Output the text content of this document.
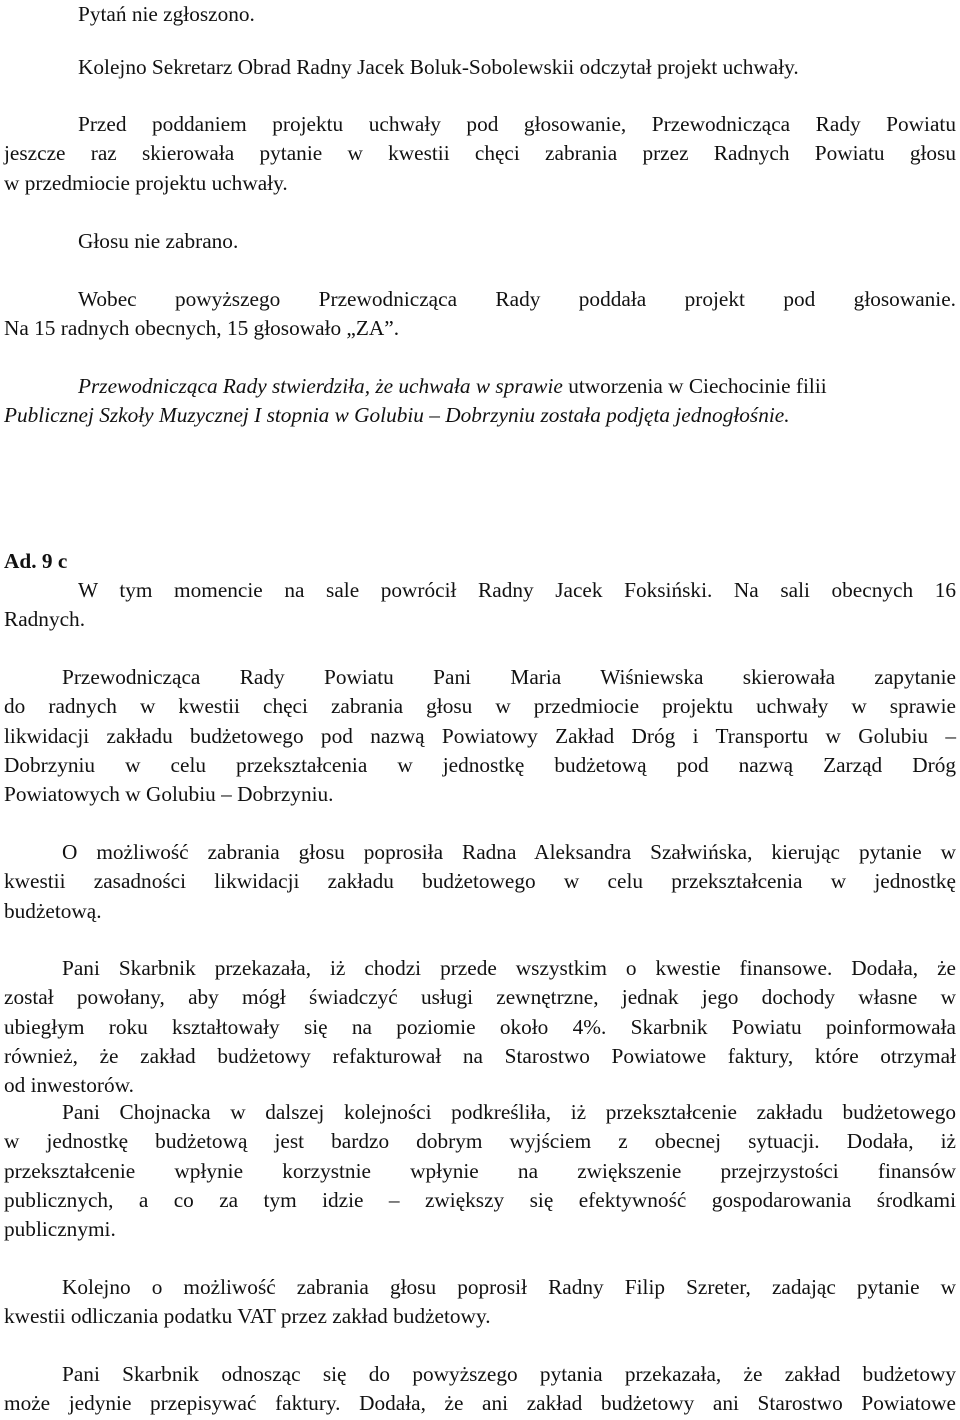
Pytań nie zgłoszono.

Kolejno Sekretarz Obrad Radny Jacek Boluk-Sobolewskii odczytał projekt uchwały.

Przed poddaniem projektu uchwały pod głosowanie, Przewodnicząca Rady Powiatu
jeszcze raz skierowała pytanie w kwestii chęci zabrania przez Radnych Powiatu głosu
w przedmiocie projektu uchwały.

Głosu nie zabrano.

Wobec powyższego Przewodnicząca Rady poddała projekt pod głosowanie.
Na 15 radnych obecnych, 15 głosowało „ZA”.

Przewodnicząca Rady stwierdziła, że uchwała w sprawie utworzenia w Ciechocinie filii
Publicznej Szkoły Muzycznej I stopnia w Golubiu – Dobrzyniu została podjęta jednogłośnie.

Ad. 9 c

W tym momencie na sale powrócił Radny Jacek Foksiński. Na sali obecnych 16
Radnych.

Przewodnicząca Rady Powiatu Pani Maria Wiśniewska skierowała zapytanie
do radnych w kwestii chęci zabrania głosu w przedmiocie projektu uchwały w sprawie
likwidacji zakładu budżetowego pod nazwą Powiatowy Zakład Dróg i Transportu w Golubiu –
Dobrzyniu w celu przekształcenia w jednostkę budżetową pod nazwą Zarząd Dróg
Powiatowych w Golubiu – Dobrzyniu.

O możliwość zabrania głosu poprosiła Radna Aleksandra Szałwińska, kierując pytanie w
kwestii zasadności likwidacji zakładu budżetowego w celu przekształcenia w jednostkę
budżetową.

Pani Skarbnik przekazała, iż chodzi przede wszystkim o kwestie finansowe. Dodała, że
został powołany, aby mógł świadczyć usługi zewnętrzne, jednak jego dochody własne w
ubiegłym roku kształtowały się na poziomie około 4%. Skarbnik Powiatu poinformowała
również, że zakład budżetowy refakturował na Starostwo Powiatowe faktury, które otrzymał
od inwestorów.

Pani Chojnacka w dalszej kolejności podkreśliła, iż przekształcenie zakładu budżetowego
w jednostkę budżetową jest bardzo dobrym wyjściem z obecnej sytuacji. Dodała, iż
przekształcenie wpłynie korzystnie wpłynie na zwiększenie przejrzystości finansów
publicznych, a co za tym idzie – zwiększy się efektywność gospodarowania środkami
publicznymi.

Kolejno o możliwość zabrania głosu poprosił Radny Filip Szreter, zadając pytanie w
kwestii odliczania podatku VAT przez zakład budżetowy.

Pani Skarbnik odnosząc się do powyższego pytania przekazała, że zakład budżetowy
może jedynie przepisywać faktury. Dodała, że ani zakład budżetowy ani Starostwo Powiatowe
